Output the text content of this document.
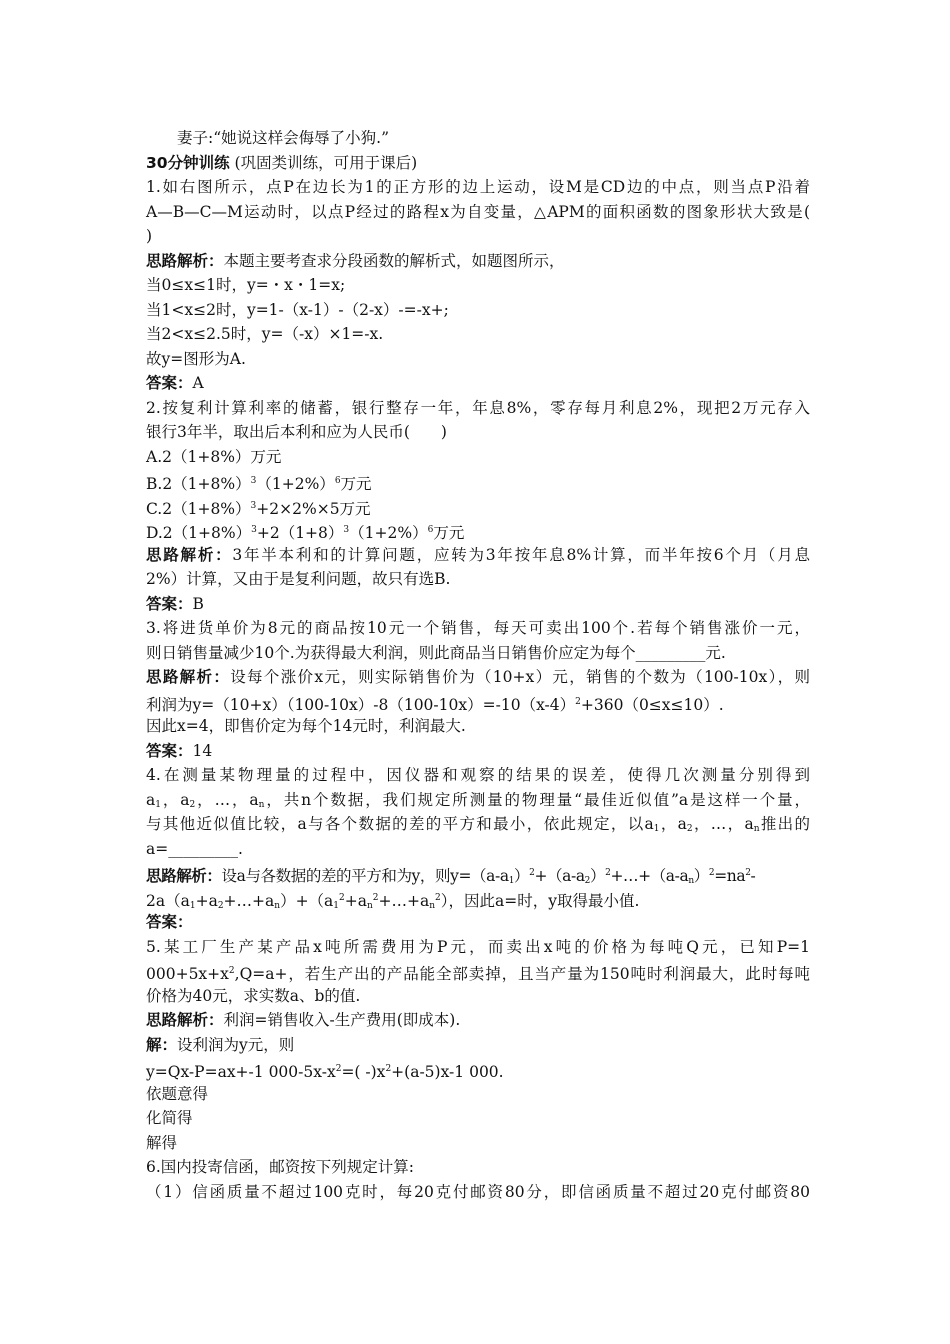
妻子:“她说这样会侮辱了小狗.”
30分钟训练 (巩固类训练，可用于课后)
1.如右图所示，点P在边长为1的正方形的边上运动，设M是CD边的中点，则当点P沿着
A—B—C—M运动时，以点P经过的路程x为自变量，△APM的面积函数的图象形状大致是(
)
思路解析：本题主要考查求分段函数的解析式，如题图所示，
当0≤x≤1时，y=・x・1=x;
当1<x≤2时，y=1-（x-1）-（2-x）-=-x+;
当2<x≤2.5时，y=（-x）×1=-x.
故y=图形为A.
答案：A
2.按复利计算利率的储蓄，银行整存一年，年息8%，零存每月利息2%，现把2万元存入
银行3年半，取出后本利和应为人民币(　　)
A.2（1+8%）万元
$B.2(1+8\%)^3(1+2\%)^6$万元
$C.2(1+8\%)^3+2\times 2\%\times 5$万元
$D.2(1+8\%)^3+2(1+8)^3(1+2\%)^6$万元
思路解析：3年半本利和的计算问题，应转为3年按年息8%计算，而半年按6个月（月息
2%）计算，又由于是复利问题，故只有选B.
答案：B
3.将进货单价为8元的商品按10元一个销售，每天可卖出100个.若每个销售涨价一元，
则日销售量减少10个.为获得最大利润，则此商品当日销售价应定为每个_________元.
思路解析：设每个涨价x元，则实际销售价为（10+x）元，销售的个数为（100-10x），则
利润为$y=(10+x)(100-10x)-8(100-10x)=-10(x-4)^2+360(0\le x\le 10)$.
因此x=4，即售价定为每个14元时，利润最大.
答案：14
4.在测量某物理量的过程中，因仪器和观察的结果的误差，使得几次测量分别得到
$a_1$，$a_2$，…，$a_n$，共n个数据，我们规定所测量的物理量“最佳近似值”a是这样一个量，
与其他近似值比较，a与各个数据的差的平方和最小，依此规定，以$a_1$，$a_2$，…，$a_n$推出的
a=_________.
思路解析：设a与各数据的差的平方和为y，则$y=(a-a_1)^2+(a-a_2)^2+\dots+(a-a_n)^2=na^2-$
$2a(a_1+a_2+\dots+a_n)+(a_1^2+a_n^2+\dots+a_n^2)$，因此a=时，y取得最小值.
答案：
5.某工厂生产某产品x吨所需费用为P元，而卖出x吨的价格为每吨Q元，已知P=1
$000+5x+x^2,Q=a+$，若生产出的产品能全部卖掉，且当产量为150吨时利润最大，此时每吨
价格为40元，求实数a、b的值.
思路解析：利润=销售收入-生产费用(即成本).
解：设利润为y元，则
y=Qx-P=ax+-1 $000-5x-x^2=$( $-)x^2+(a-5)x-1$ 000.
依题意得
化简得
解得
6.国内投寄信函，邮资按下列规定计算:
（1）信函质量不超过100克时，每20克付邮资80分，即信函质量不超过20克付邮资80
